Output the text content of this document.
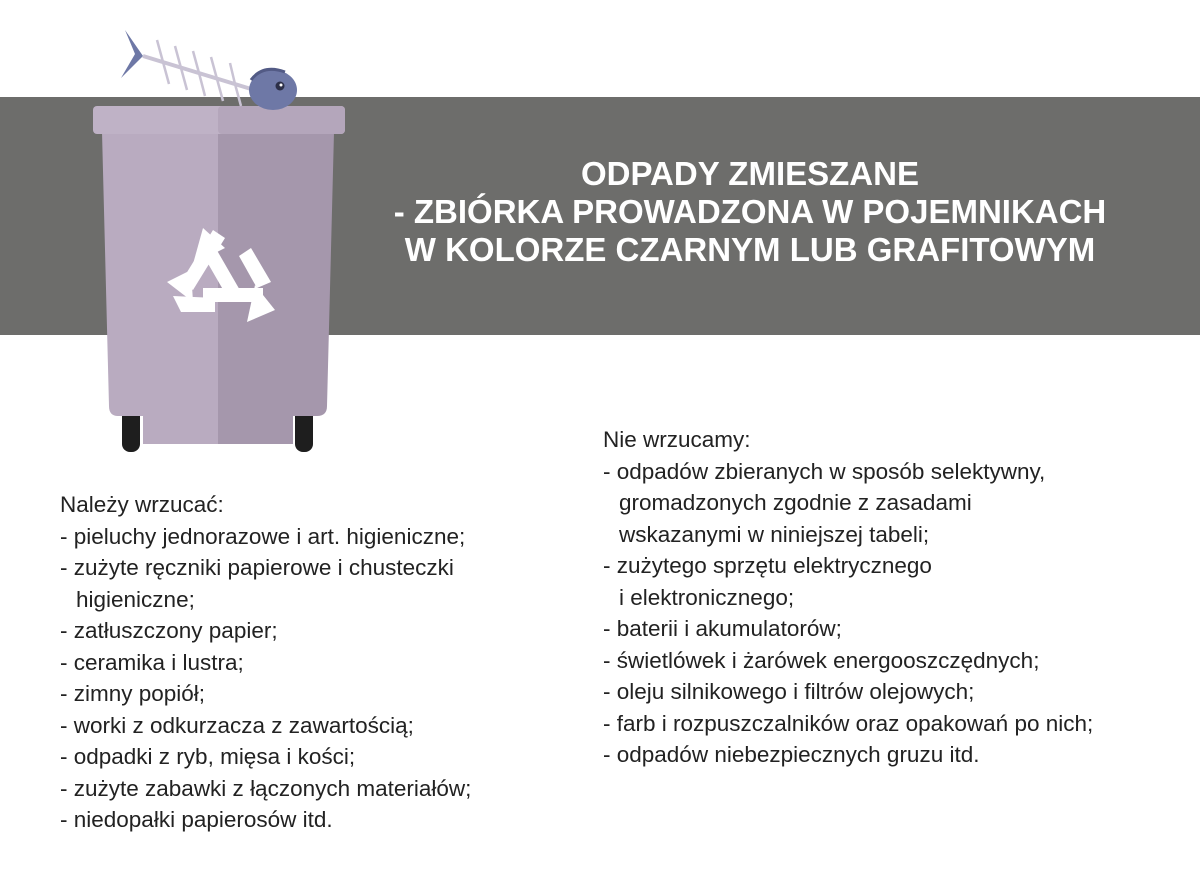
ODPADY ZMIESZANE
- ZBIÓRKA PROWADZONA W POJEMNIKACH
W KOLORZE CZARNYM LUB GRAFITOWYM
Należy wrzucać:
- pieluchy jednorazowe i art. higieniczne;
- zużyte ręczniki papierowe i chusteczki
higieniczne;
- zatłuszczony papier;
- ceramika i lustra;
- zimny popiół;
- worki z odkurzacza z zawartością;
- odpadki z ryb, mięsa i kości;
- zużyte zabawki z łączonych materiałów;
- niedopałki papierosów itd.
Nie wrzucamy:
- odpadów zbieranych w sposób selektywny,
gromadzonych zgodnie z zasadami
wskazanymi w niniejszej tabeli;
- zużytego sprzętu elektrycznego
i elektronicznego;
- baterii i akumulatorów;
- świetlówek i żarówek energooszczędnych;
- oleju silnikowego i filtrów olejowych;
- farb i rozpuszczalników oraz opakowań po nich;
- odpadów niebezpiecznych gruzu itd.
